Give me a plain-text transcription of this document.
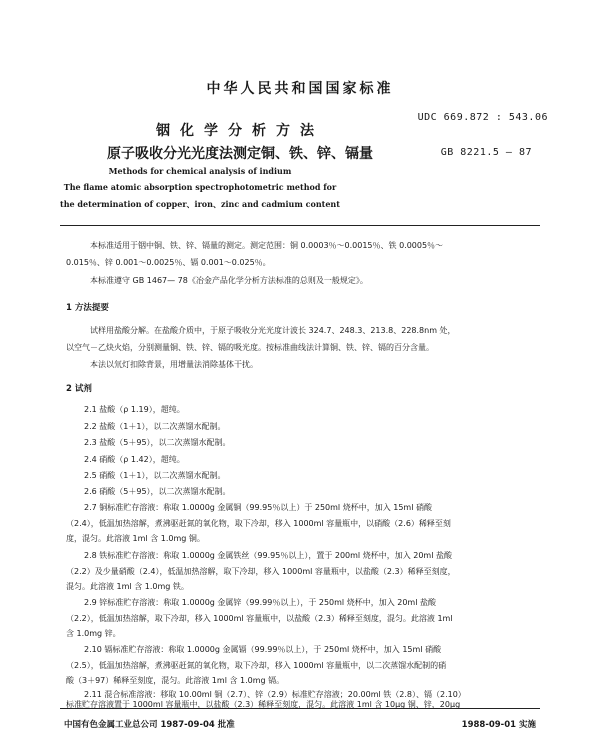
中华人民共和国国家标准
UDC 669.872 : 543.06
铟化学分析方法
原子吸收分光光度法测定铜、铁、锌、镉量	GB 8221.5 — 87
Methods for chemical analysis of indium
The flame atomic absorption spectrophotometric method for
the determination of copper、iron、zinc and cadmium content
本标准适用于铟中铜、铁、锌、镉量的测定。测定范围：铜 0.0003％～0.0015％、铁 0.0005％～
0.015％、锌 0.001～0.0025％、镉 0.001～0.025％。
本标准遵守 GB 1467— 78《冶金产品化学分析方法标准的总则及一般规定》。
1 方法提要
试样用盐酸分解。在盐酸介质中，于原子吸收分光光度计波长 324.7、248.3、213.8、228.8nm 处，
以空气－乙炔火焰，分别测量铜、铁、锌、镉的吸光度。按标准曲线法计算铜、铁、锌、镉的百分含量。
本法以氘灯扣除背景，用增量法消除基体干扰。
2 试剂
2.1 盐酸（ρ 1.19），超纯。
2.2 盐酸（1＋1），以二次蒸馏水配制。
2.3 盐酸（5＋95），以二次蒸馏水配制。
2.4 硝酸（ρ 1.42），超纯。
2.5 硝酸（1＋1），以二次蒸馏水配制。
2.6 硝酸（5＋95），以二次蒸馏水配制。
2.7 铜标准贮存溶液：称取 1.0000g 金属铜（99.95％以上）于 250ml 烧杯中，加入 15ml 硝酸
（2.4），低温加热溶解，煮沸驱赶氮的氧化物，取下冷却，移入 1000ml 容量瓶中，以硝酸（2.6）稀释至刻
度，混匀。此溶液 1ml 含 1.0mg 铜。
2.8 铁标准贮存溶液：称取 1.0000g 金属铁丝（99.95％以上），置于 200ml 烧杯中，加入 20ml 盐酸
（2.2）及少量硝酸（2.4），低温加热溶解，取下冷却，移入 1000ml 容量瓶中，以盐酸（2.3）稀释至刻度，
混匀。此溶液 1ml 含 1.0mg 铁。
2.9 锌标准贮存溶液：称取 1.0000g 金属锌（99.99％以上），于 250ml 烧杯中，加入 20ml 盐酸
（2.2），低温加热溶解，取下冷却，移入 1000ml 容量瓶中，以盐酸（2.3）稀释至刻度，混匀。此溶液 1ml
含 1.0mg 锌。
2.10 镉标准贮存溶液：称取 1.0000g 金属镉（99.99％以上），于 250ml 烧杯中，加入 15ml 硝酸
（2.5），低温加热溶解，煮沸驱赶氮的氧化物，取下冷却，移入 1000ml 容量瓶中，以二次蒸馏水配制的硝
酸（3＋97）稀释至刻度，混匀。此溶液 1ml 含 1.0mg 镉。
2.11 混合标准溶液：移取 10.00ml 铜（2.7）、锌（2.9）标准贮存溶液；20.00ml 铁（2.8）、镉（2.10）
标准贮存溶液置于 1000ml 容量瓶中，以盐酸（2.3）稀释至刻度，混匀。此溶液 1ml 含 10μg 铜、锌，20μg
中国有色金属工业总公司 1987-09-04 批准	1988-09-01 实施
